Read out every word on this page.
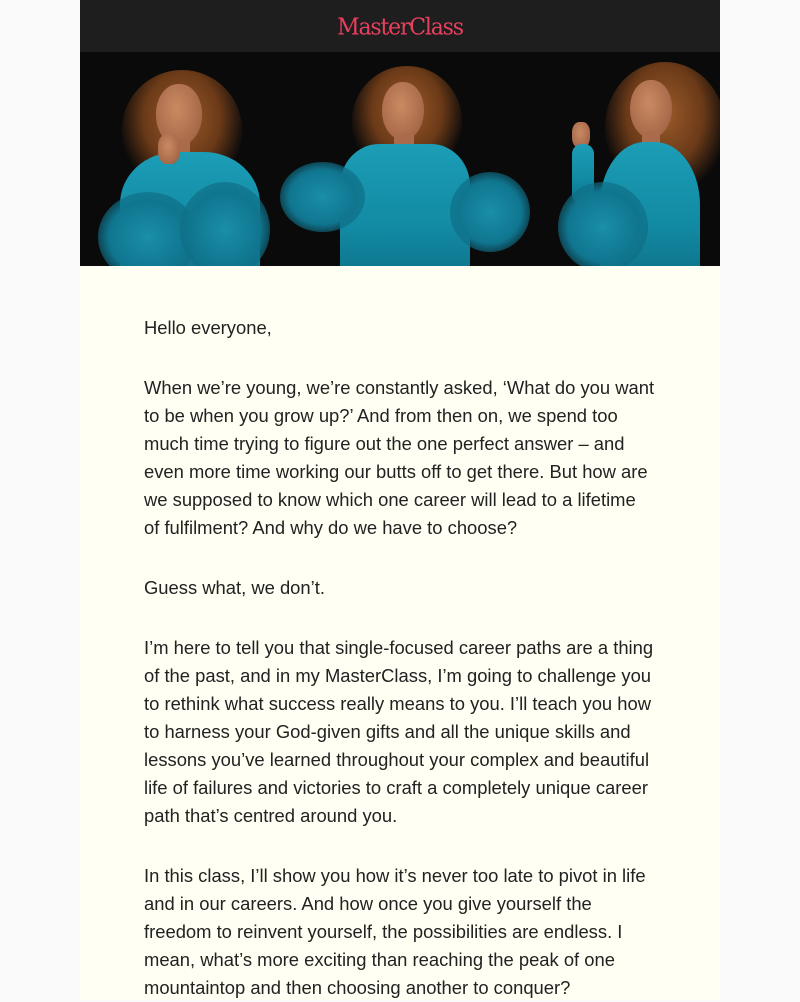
MasterClass

Hello everyone,

When we’re young, we’re constantly asked, ‘What do you want to be when you grow up?’ And from then on, we spend too much time trying to figure out the one perfect answer – and even more time working our butts off to get there. But how are we supposed to know which one career will lead to a lifetime of fulfilment? And why do we have to choose?

Guess what, we don’t.

I’m here to tell you that single-focused career paths are a thing of the past, and in my MasterClass, I’m going to challenge you to rethink what success really means to you. I’ll teach you how to harness your God-given gifts and all the unique skills and lessons you’ve learned throughout your complex and beautiful life of failures and victories to craft a completely unique career path that’s centred around you.

In this class, I’ll show you how it’s never too late to pivot in life and in our careers. And how once you give yourself the freedom to reinvent yourself, the possibilities are endless. I mean, what’s more exciting than reaching the peak of one mountaintop and then choosing another to conquer?
